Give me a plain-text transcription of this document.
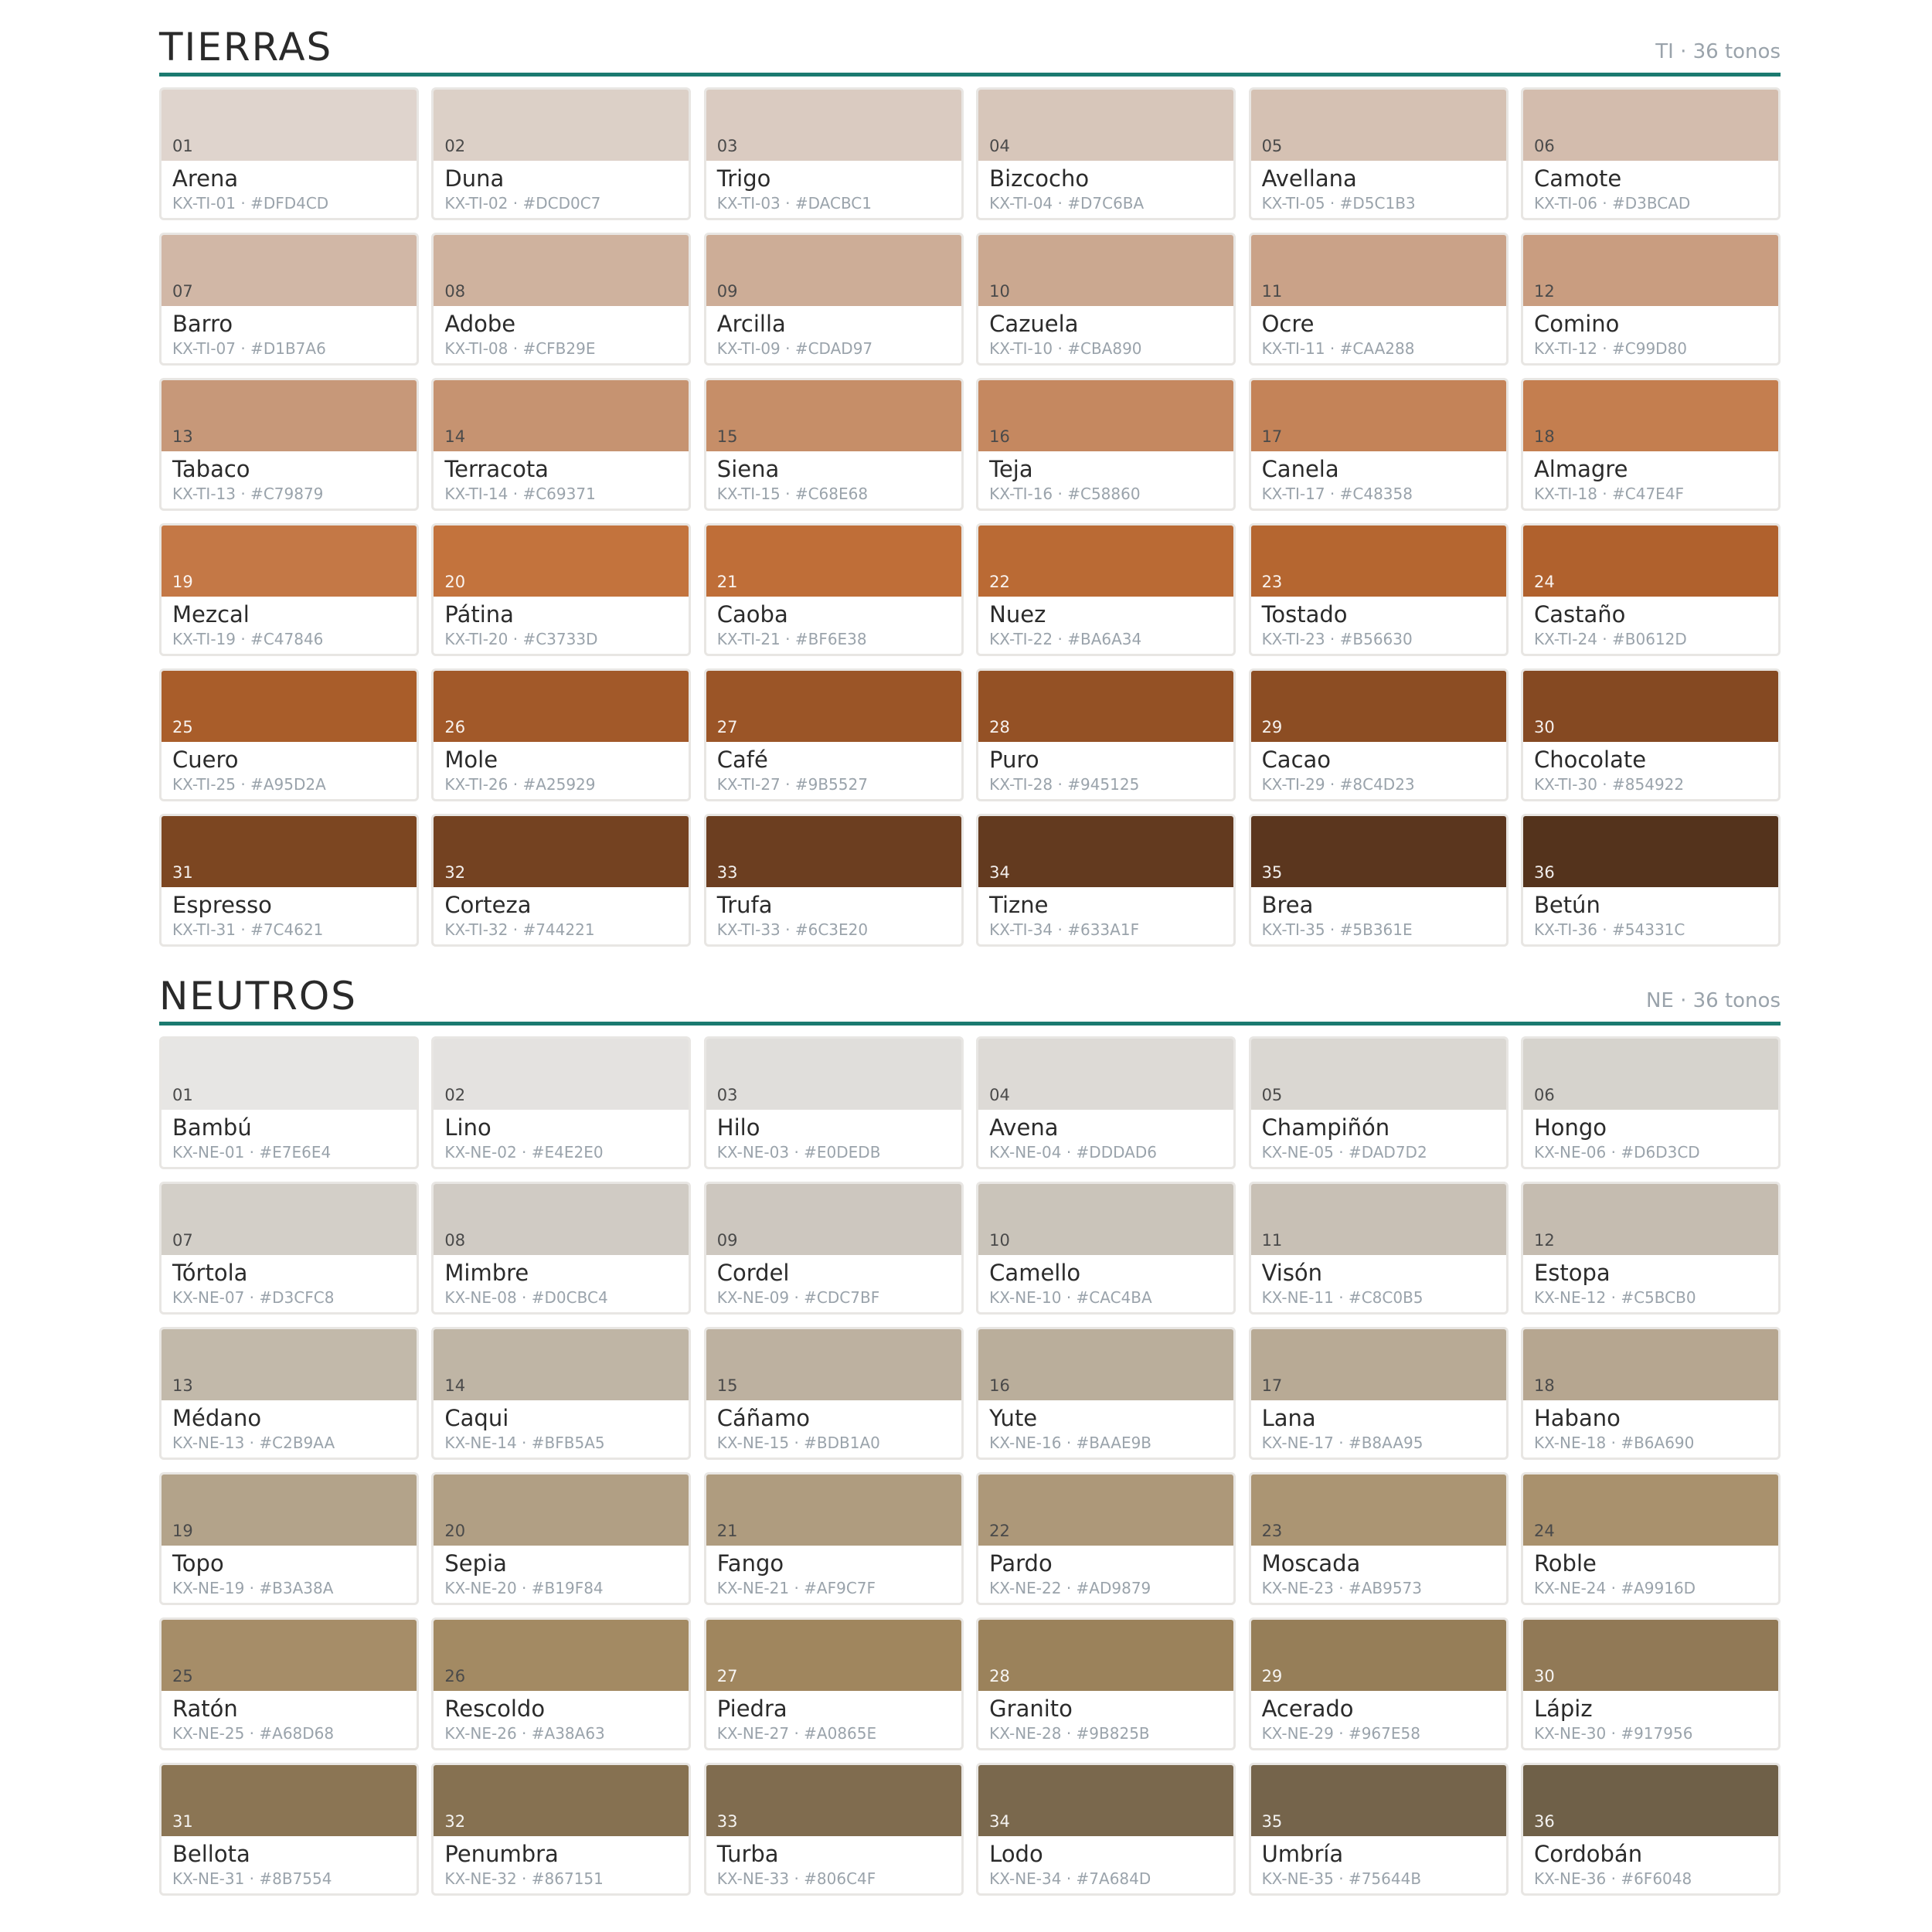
TIERRAS	TI · 36 tonos
01
Arena
KX-TI-01 · #DFD4CD
02
Duna
KX-TI-02 · #DCD0C7
03
Trigo
KX-TI-03 · #DACBC1
04
Bizcocho
KX-TI-04 · #D7C6BA
05
Avellana
KX-TI-05 · #D5C1B3
06
Camote
KX-TI-06 · #D3BCAD
07
Barro
KX-TI-07 · #D1B7A6
08
Adobe
KX-TI-08 · #CFB29E
09
Arcilla
KX-TI-09 · #CDAD97
10
Cazuela
KX-TI-10 · #CBA890
11
Ocre
KX-TI-11 · #CAA288
12
Comino
KX-TI-12 · #C99D80
13
Tabaco
KX-TI-13 · #C79879
14
Terracota
KX-TI-14 · #C69371
15
Siena
KX-TI-15 · #C68E68
16
Teja
KX-TI-16 · #C58860
17
Canela
KX-TI-17 · #C48358
18
Almagre
KX-TI-18 · #C47E4F
19
Mezcal
KX-TI-19 · #C47846
20
Pátina
KX-TI-20 · #C3733D
21
Caoba
KX-TI-21 · #BF6E38
22
Nuez
KX-TI-22 · #BA6A34
23
Tostado
KX-TI-23 · #B56630
24
Castaño
KX-TI-24 · #B0612D
25
Cuero
KX-TI-25 · #A95D2A
26
Mole
KX-TI-26 · #A25929
27
Café
KX-TI-27 · #9B5527
28
Puro
KX-TI-28 · #945125
29
Cacao
KX-TI-29 · #8C4D23
30
Chocolate
KX-TI-30 · #854922
31
Espresso
KX-TI-31 · #7C4621
32
Corteza
KX-TI-32 · #744221
33
Trufa
KX-TI-33 · #6C3E20
34
Tizne
KX-TI-34 · #633A1F
35
Brea
KX-TI-35 · #5B361E
36
Betún
KX-TI-36 · #54331C
NEUTROS	NE · 36 tonos
01
Bambú
KX-NE-01 · #E7E6E4
02
Lino
KX-NE-02 · #E4E2E0
03
Hilo
KX-NE-03 · #E0DEDB
04
Avena
KX-NE-04 · #DDDAD6
05
Champiñón
KX-NE-05 · #DAD7D2
06
Hongo
KX-NE-06 · #D6D3CD
07
Tórtola
KX-NE-07 · #D3CFC8
08
Mimbre
KX-NE-08 · #D0CBC4
09
Cordel
KX-NE-09 · #CDC7BF
10
Camello
KX-NE-10 · #CAC4BA
11
Visón
KX-NE-11 · #C8C0B5
12
Estopa
KX-NE-12 · #C5BCB0
13
Médano
KX-NE-13 · #C2B9AA
14
Caqui
KX-NE-14 · #BFB5A5
15
Cáñamo
KX-NE-15 · #BDB1A0
16
Yute
KX-NE-16 · #BAAE9B
17
Lana
KX-NE-17 · #B8AA95
18
Habano
KX-NE-18 · #B6A690
19
Topo
KX-NE-19 · #B3A38A
20
Sepia
KX-NE-20 · #B19F84
21
Fango
KX-NE-21 · #AF9C7F
22
Pardo
KX-NE-22 · #AD9879
23
Moscada
KX-NE-23 · #AB9573
24
Roble
KX-NE-24 · #A9916D
25
Ratón
KX-NE-25 · #A68D68
26
Rescoldo
KX-NE-26 · #A38A63
27
Piedra
KX-NE-27 · #A0865E
28
Granito
KX-NE-28 · #9B825B
29
Acerado
KX-NE-29 · #967E58
30
Lápiz
KX-NE-30 · #917956
31
Bellota
KX-NE-31 · #8B7554
32
Penumbra
KX-NE-32 · #867151
33
Turba
KX-NE-33 · #806C4F
34
Lodo
KX-NE-34 · #7A684D
35
Umbría
KX-NE-35 · #75644B
36
Cordobán
KX-NE-36 · #6F6048
